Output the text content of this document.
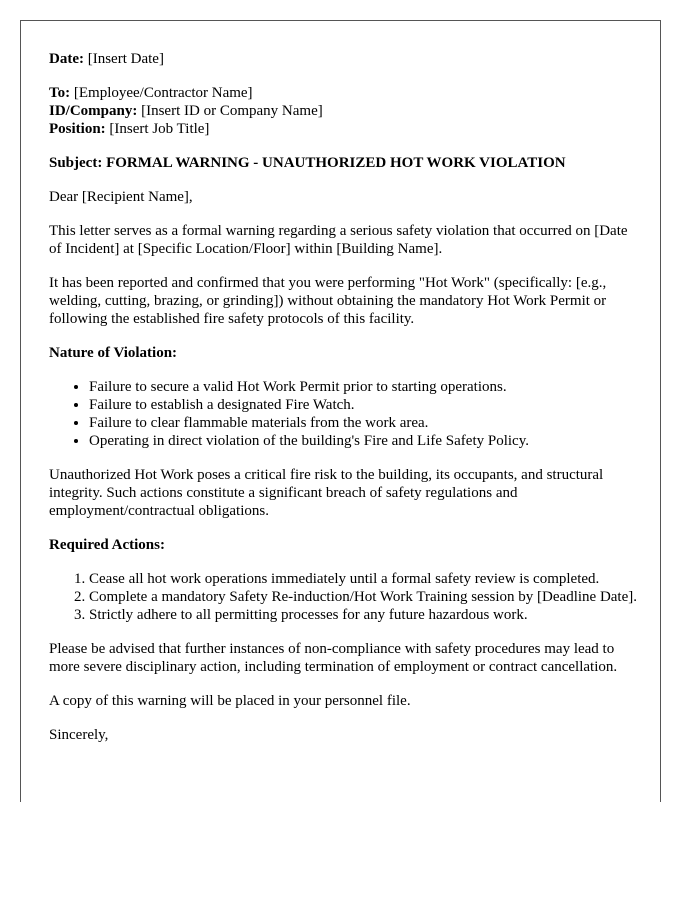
Date: [Insert Date]

To: [Employee/Contractor Name]

ID/Company: [Insert ID or Company Name]

Position: [Insert Job Title]

Subject: FORMAL WARNING - UNAUTHORIZED HOT WORK VIOLATION

Dear [Recipient Name],

This letter serves as a formal warning regarding a serious safety violation that occurred on [Date of Incident] at [Specific Location/Floor] within [Building Name].

It has been reported and confirmed that you were performing "Hot Work" (specifically: [e.g., welding, cutting, brazing, or grinding]) without obtaining the mandatory Hot Work Permit or following the established fire safety protocols of this facility.

Nature of Violation:

• Failure to secure a valid Hot Work Permit prior to starting operations.
• Failure to establish a designated Fire Watch.
• Failure to clear flammable materials from the work area.
• Operating in direct violation of the building's Fire and Life Safety Policy.

Unauthorized Hot Work poses a critical fire risk to the building, its occupants, and structural integrity. Such actions constitute a significant breach of safety regulations and employment/contractual obligations.

Required Actions:

1. Cease all hot work operations immediately until a formal safety review is completed.
2. Complete a mandatory Safety Re-induction/Hot Work Training session by [Deadline Date].
3. Strictly adhere to all permitting processes for any future hazardous work.

Please be advised that further instances of non-compliance with safety procedures may lead to more severe disciplinary action, including termination of employment or contract cancellation.

A copy of this warning will be placed in your personnel file.

Sincerely,
